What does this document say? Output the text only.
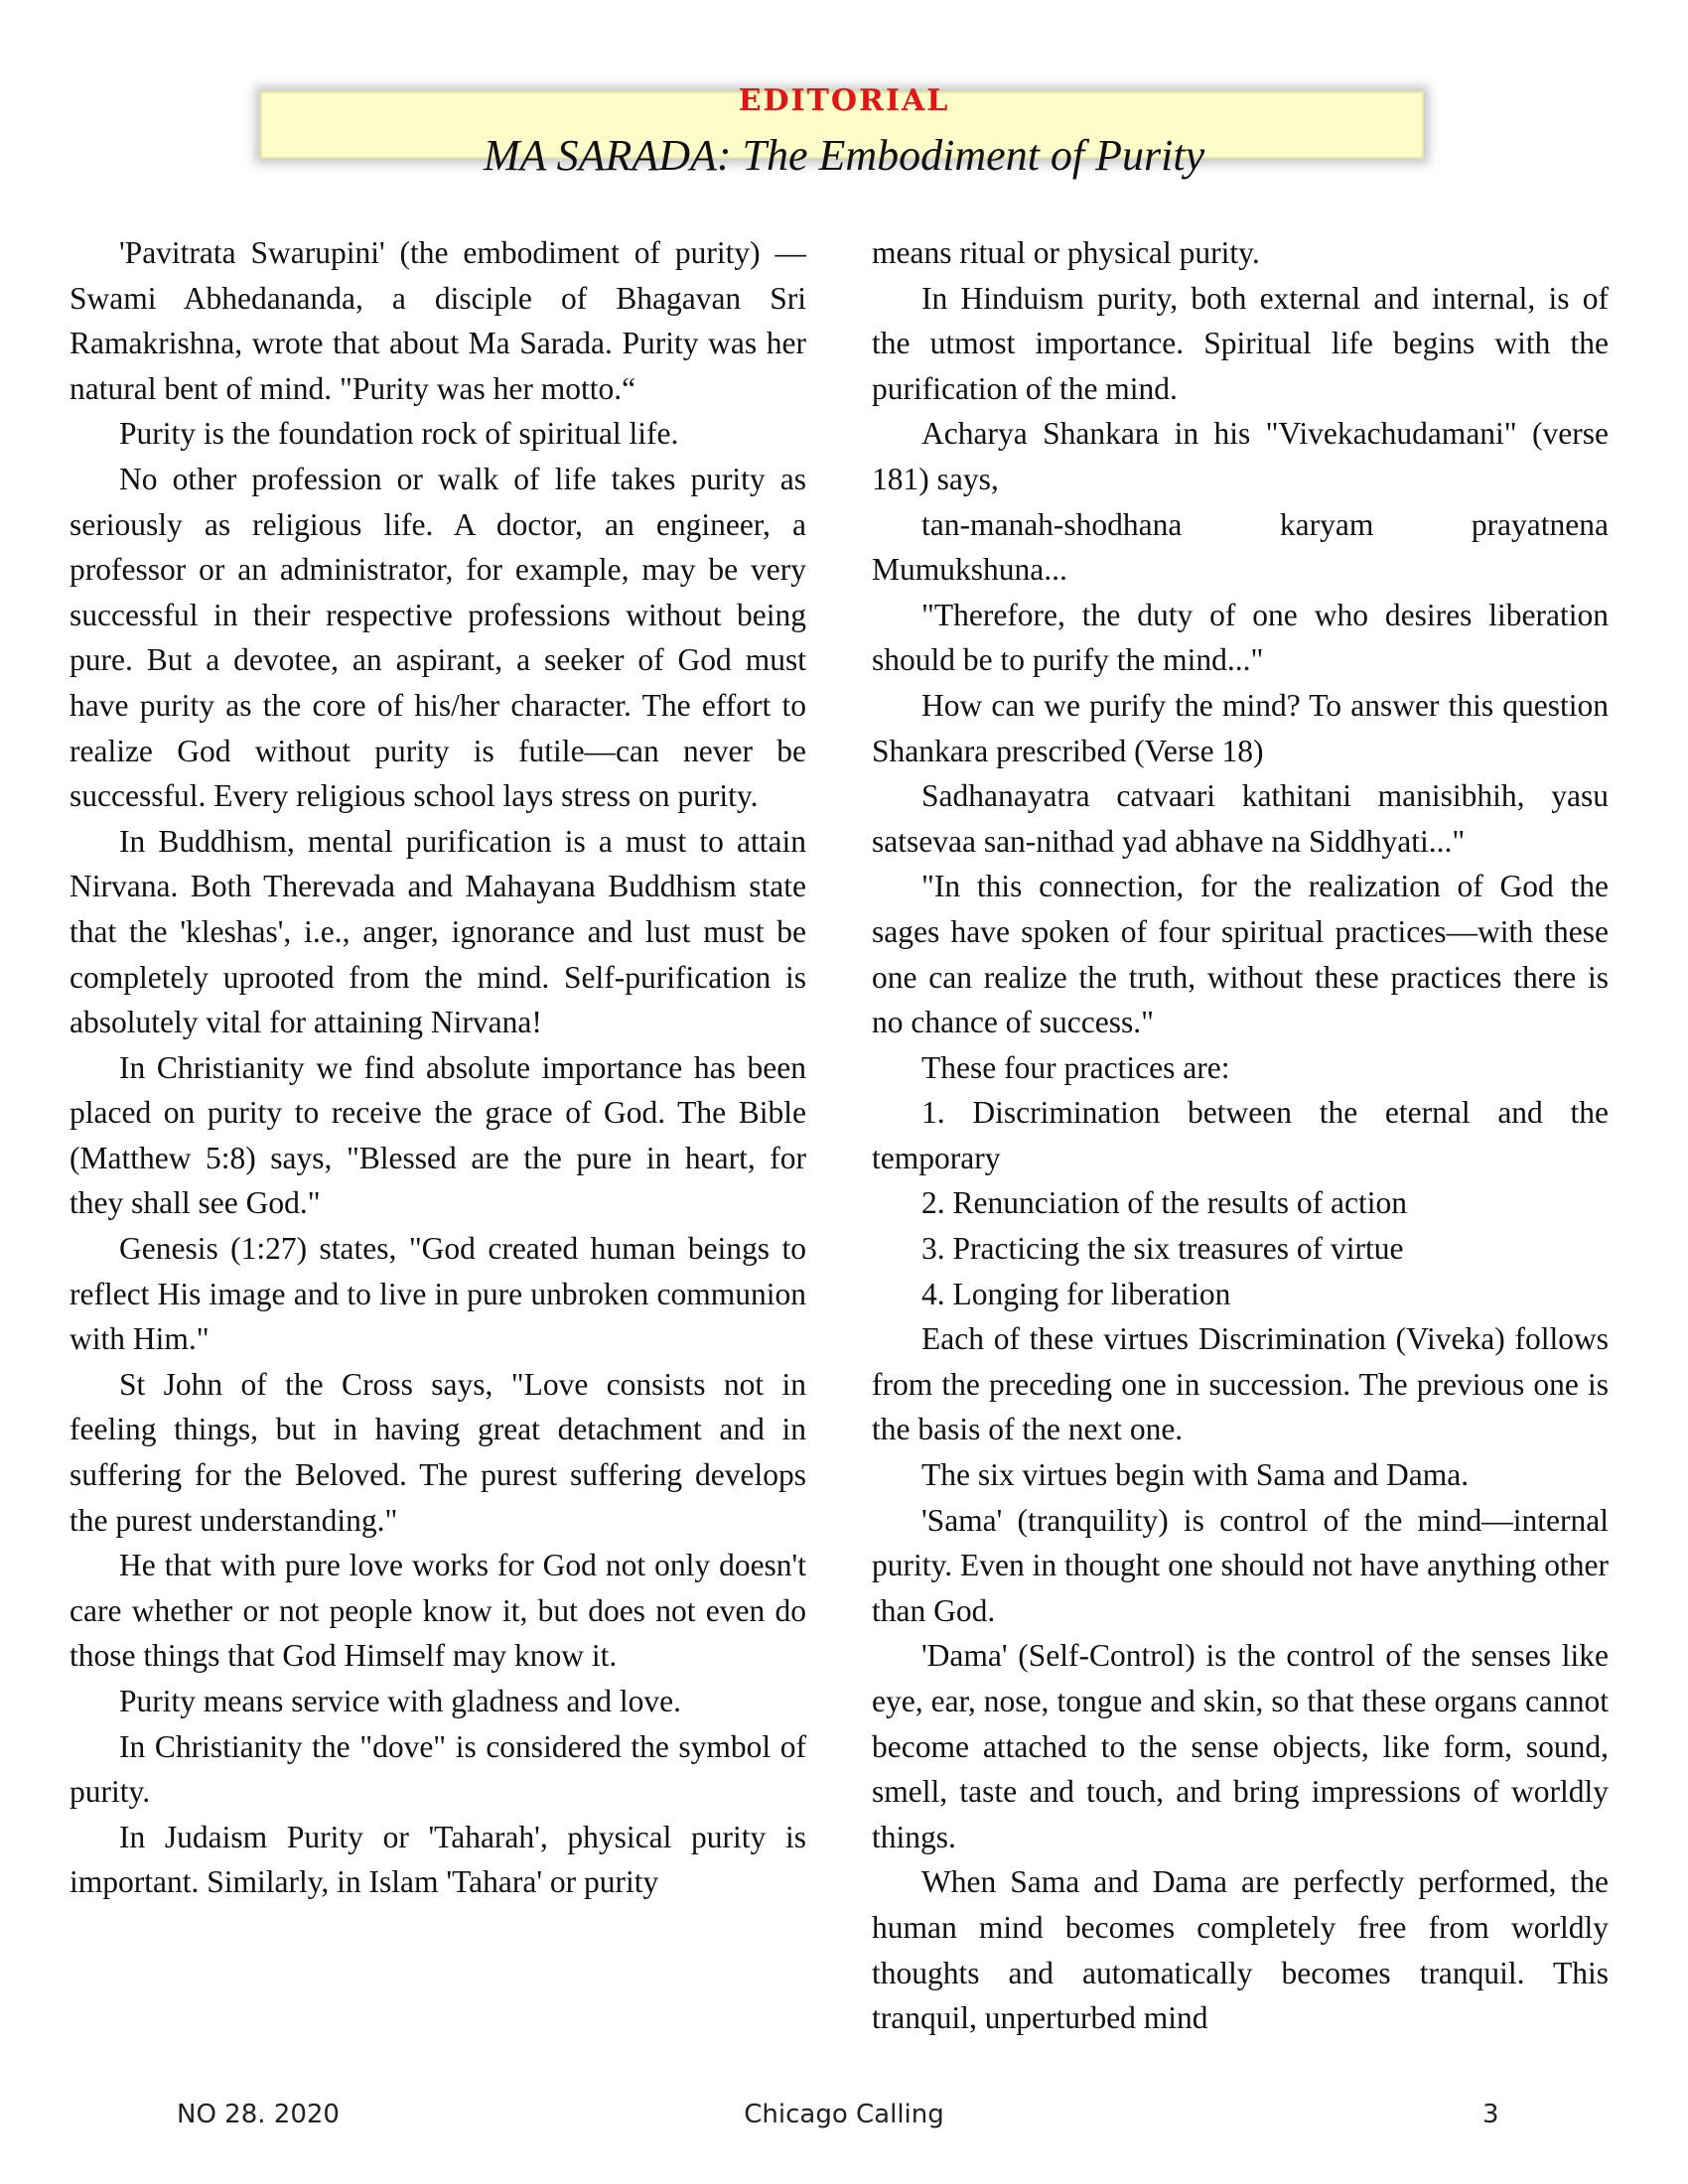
EDITORIAL
MA SARADA: The Embodiment of Purity

'Pavitrata Swarupini' (the embodiment of purity) — Swami Abhedananda, a disciple of Bhagavan Sri Ramakrishna, wrote that about Ma Sarada. Purity was her natural bent of mind. "Purity was her motto.“

Purity is the foundation rock of spiritual life.

No other profession or walk of life takes purity as seriously as religious life. A doctor, an engineer, a professor or an administrator, for example, may be very successful in their respective professions without being pure. But a devotee, an aspirant, a seeker of God must have purity as the core of his/her character. The effort to realize God without purity is futile—can never be successful. Every religious school lays stress on purity.

In Buddhism, mental purification is a must to attain Nirvana. Both Therevada and Mahayana Buddhism state that the 'kleshas', i.e., anger, ignorance and lust must be completely uprooted from the mind. Self-purification is absolutely vital for attaining Nirvana!

In Christianity we find absolute importance has been placed on purity to receive the grace of God. The Bible (Matthew 5:8) says, "Blessed are the pure in heart, for they shall see God."

Genesis (1:27) states, "God created human beings to reflect His image and to live in pure unbroken communion with Him."

St John of the Cross says, "Love consists not in feeling things, but in having great detachment and in suffering for the Beloved. The purest suffering develops the purest understanding."

He that with pure love works for God not only doesn't care whether or not people know it, but does not even do those things that God Himself may know it.

Purity means service with gladness and love.

In Christianity the "dove" is considered the symbol of purity.

In Judaism Purity or 'Taharah', physical purity is important. Similarly, in Islam 'Tahara' or purity

means ritual or physical purity.

In Hinduism purity, both external and internal, is of the utmost importance. Spiritual life begins with the purification of the mind.

Acharya Shankara in his "Vivekachudamani" (verse 181) says,

tan-manah-shodhana karyam prayatnena Mumukshuna...

"Therefore, the duty of one who desires liberation should be to purify the mind..."

How can we purify the mind? To answer this question Shankara prescribed (Verse 18)

Sadhanayatra catvaari kathitani manisibhih, yasu satsevaa san-nithad yad abhave na Siddhyati..."

"In this connection, for the realization of God the sages have spoken of four spiritual practices—with these one can realize the truth, without these practices there is no chance of success."

These four practices are:

1. Discrimination between the eternal and the temporary

2. Renunciation of the results of action

3. Practicing the six treasures of virtue

4. Longing for liberation

Each of these virtues Discrimination (Viveka) follows from the preceding one in succession. The previous one is the basis of the next one.

The six virtues begin with Sama and Dama.

'Sama' (tranquility) is control of the mind—internal purity. Even in thought one should not have anything other than God.

'Dama' (Self-Control) is the control of the senses like eye, ear, nose, tongue and skin, so that these organs cannot become attached to the sense objects, like form, sound, smell, taste and touch, and bring impressions of worldly things.

When Sama and Dama are perfectly performed, the human mind becomes completely free from worldly thoughts and automatically becomes tranquil. This tranquil, unperturbed mind

NO 28. 2020	Chicago Calling	3
